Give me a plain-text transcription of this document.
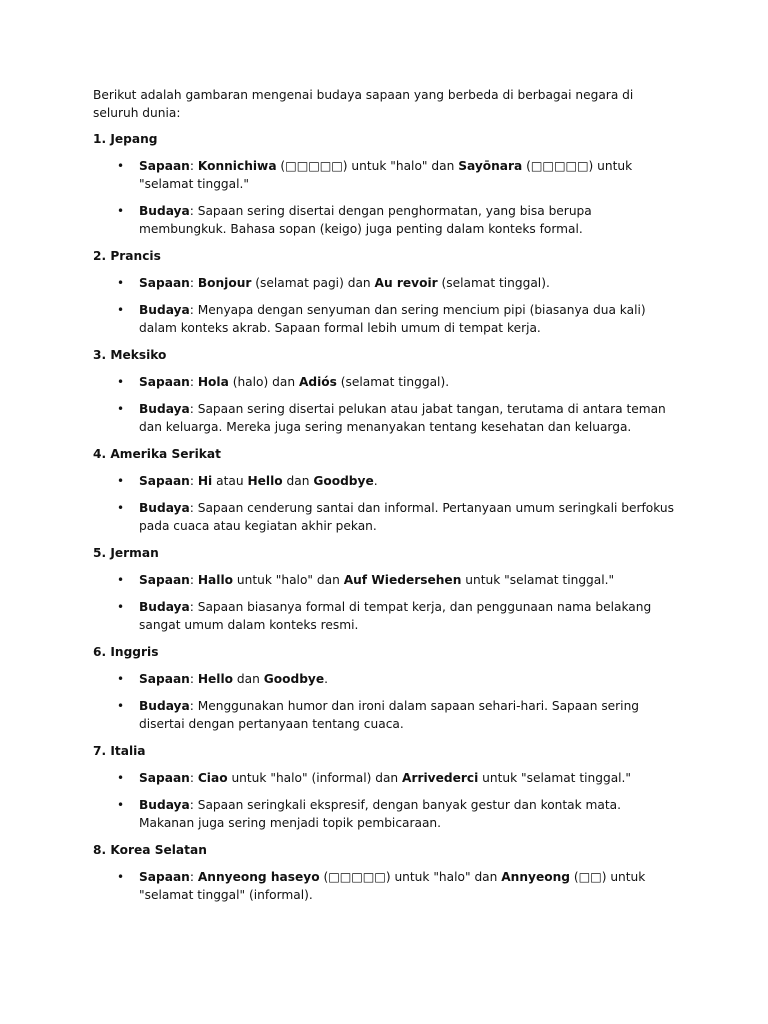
Berikut adalah gambaran mengenai budaya sapaan yang berbeda di berbagai negara di seluruh dunia:

1. Jepang
• Sapaan: Konnichiwa (□□□□□) untuk "halo" dan Sayōnara (□□□□□) untuk "selamat tinggal."
• Budaya: Sapaan sering disertai dengan penghormatan, yang bisa berupa membungkuk. Bahasa sopan (keigo) juga penting dalam konteks formal.
2. Prancis
• Sapaan: Bonjour (selamat pagi) dan Au revoir (selamat tinggal).
• Budaya: Menyapa dengan senyuman dan sering mencium pipi (biasanya dua kali) dalam konteks akrab. Sapaan formal lebih umum di tempat kerja.
3. Meksiko
• Sapaan: Hola (halo) dan Adiós (selamat tinggal).
• Budaya: Sapaan sering disertai pelukan atau jabat tangan, terutama di antara teman dan keluarga. Mereka juga sering menanyakan tentang kesehatan dan keluarga.
4. Amerika Serikat
• Sapaan: Hi atau Hello dan Goodbye.
• Budaya: Sapaan cenderung santai dan informal. Pertanyaan umum seringkali berfokus pada cuaca atau kegiatan akhir pekan.
5. Jerman
• Sapaan: Hallo untuk "halo" dan Auf Wiedersehen untuk "selamat tinggal."
• Budaya: Sapaan biasanya formal di tempat kerja, dan penggunaan nama belakang sangat umum dalam konteks resmi.
6. Inggris
• Sapaan: Hello dan Goodbye.
• Budaya: Menggunakan humor dan ironi dalam sapaan sehari-hari. Sapaan sering disertai dengan pertanyaan tentang cuaca.
7. Italia
• Sapaan: Ciao untuk "halo" (informal) dan Arrivederci untuk "selamat tinggal."
• Budaya: Sapaan seringkali ekspresif, dengan banyak gestur dan kontak mata. Makanan juga sering menjadi topik pembicaraan.
8. Korea Selatan
• Sapaan: Annyeong haseyo (□□□□□) untuk "halo" dan Annyeong (□□) untuk "selamat tinggal" (informal).
